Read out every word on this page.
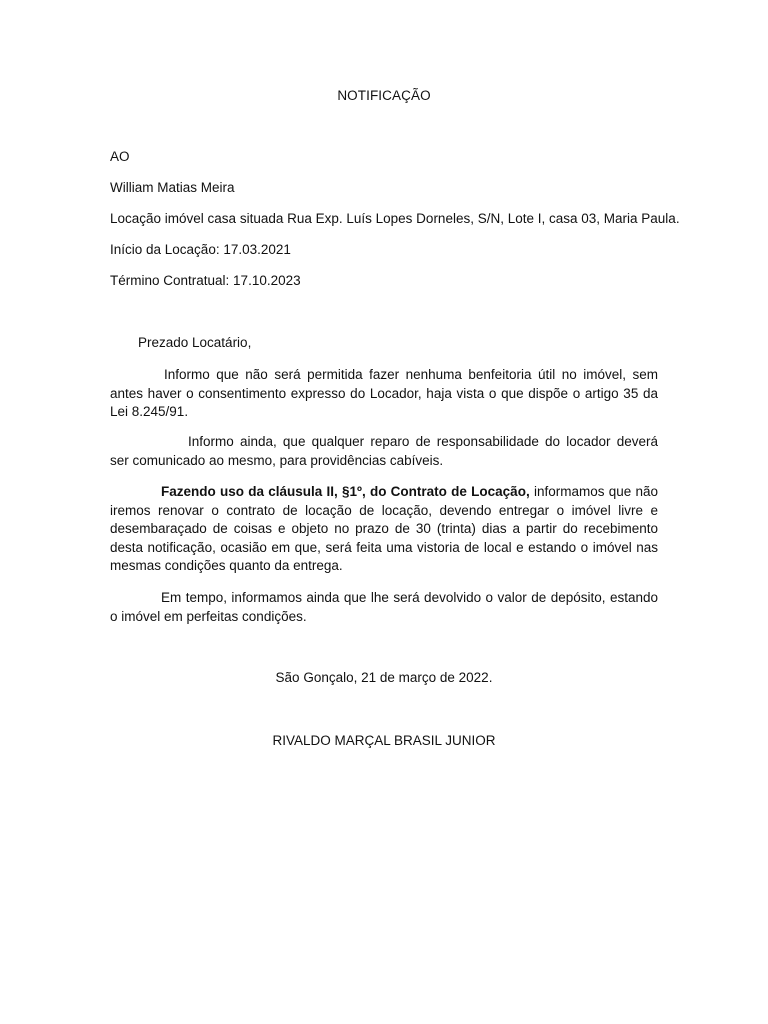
NOTIFICAÇÃO
AO
William Matias Meira
Locação imóvel casa situada Rua Exp. Luís Lopes Dorneles, S/N, Lote I, casa 03, Maria Paula.
Início da Locação: 17.03.2021
Término Contratual: 17.10.2023
Prezado Locatário,
Informo que não será permitida fazer nenhuma benfeitoria útil no imóvel, sem antes haver o consentimento expresso do Locador, haja vista o que dispõe o artigo 35 da Lei 8.245/91.
Informo ainda, que qualquer reparo de responsabilidade do locador deverá ser comunicado ao mesmo, para providências cabíveis.
Fazendo uso da cláusula II, §1º, do Contrato de Locação, informamos que não iremos renovar o contrato de locação de locação, devendo entregar o imóvel livre e desembaraçado de coisas e objeto no prazo de 30 (trinta) dias a partir do recebimento desta notificação, ocasião em que, será feita uma vistoria de local e estando o imóvel nas mesmas condições quanto da entrega.
Em tempo, informamos ainda que lhe será devolvido o valor de depósito, estando o imóvel em perfeitas condições.
São Gonçalo, 21 de março de 2022.
RIVALDO MARÇAL BRASIL JUNIOR
